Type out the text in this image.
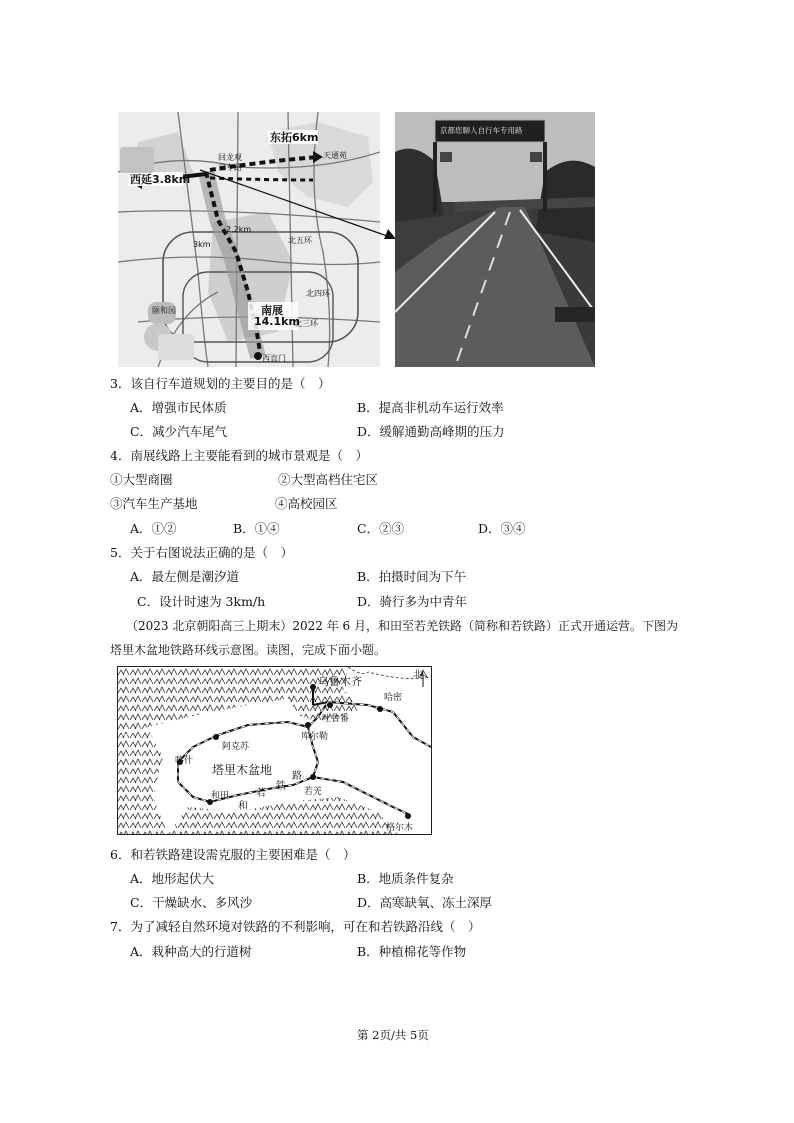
东拓6km
西延3.8km
南展
14.1km
回龙观
自专路
天通苑
北五环
北四环
北三环
颐和园
西直门
3km
2.2km
京都您聊人自行车专用路
3．该自行车道规划的主要目的是（　）
A．增强市民体质	B．提高非机动车运行效率
C．减少汽车尾气	D．缓解通勤高峰期的压力
4．南展线路上主要能看到的城市景观是（　）
①大型商圈	②大型高档住宅区
③汽车生产基地	④高校园区
A．①②	B．①④	C．②③	D．③④
5．关于右图说法正确的是（　）
A．最左侧是潮汐道	B．拍摄时间为下午
C．设计时速为 3km/h	D．骑行多为中青年
（2023 北京朝阳高三上期末）2022 年 6 月，和田至若羌铁路（简称和若铁路）正式开通运营。下图为
塔里木盆地铁路环线示意图。读图，完成下面小题。
北
乌鲁木齐
哈密
吐鲁番
库尔勒
阿克苏
喀什
塔里木盆地
和田
和
若
铁
路
若羌
格尔木
6．和若铁路建设需克服的主要困难是（　）
A．地形起伏大	B．地质条件复杂
C．干燥缺水、多风沙	D．高寒缺氧、冻土深厚
7．为了减轻自然环境对铁路的不利影响，可在和若铁路沿线（　）
A．栽种高大的行道树	B．种植棉花等作物
第 2页/共 5页
